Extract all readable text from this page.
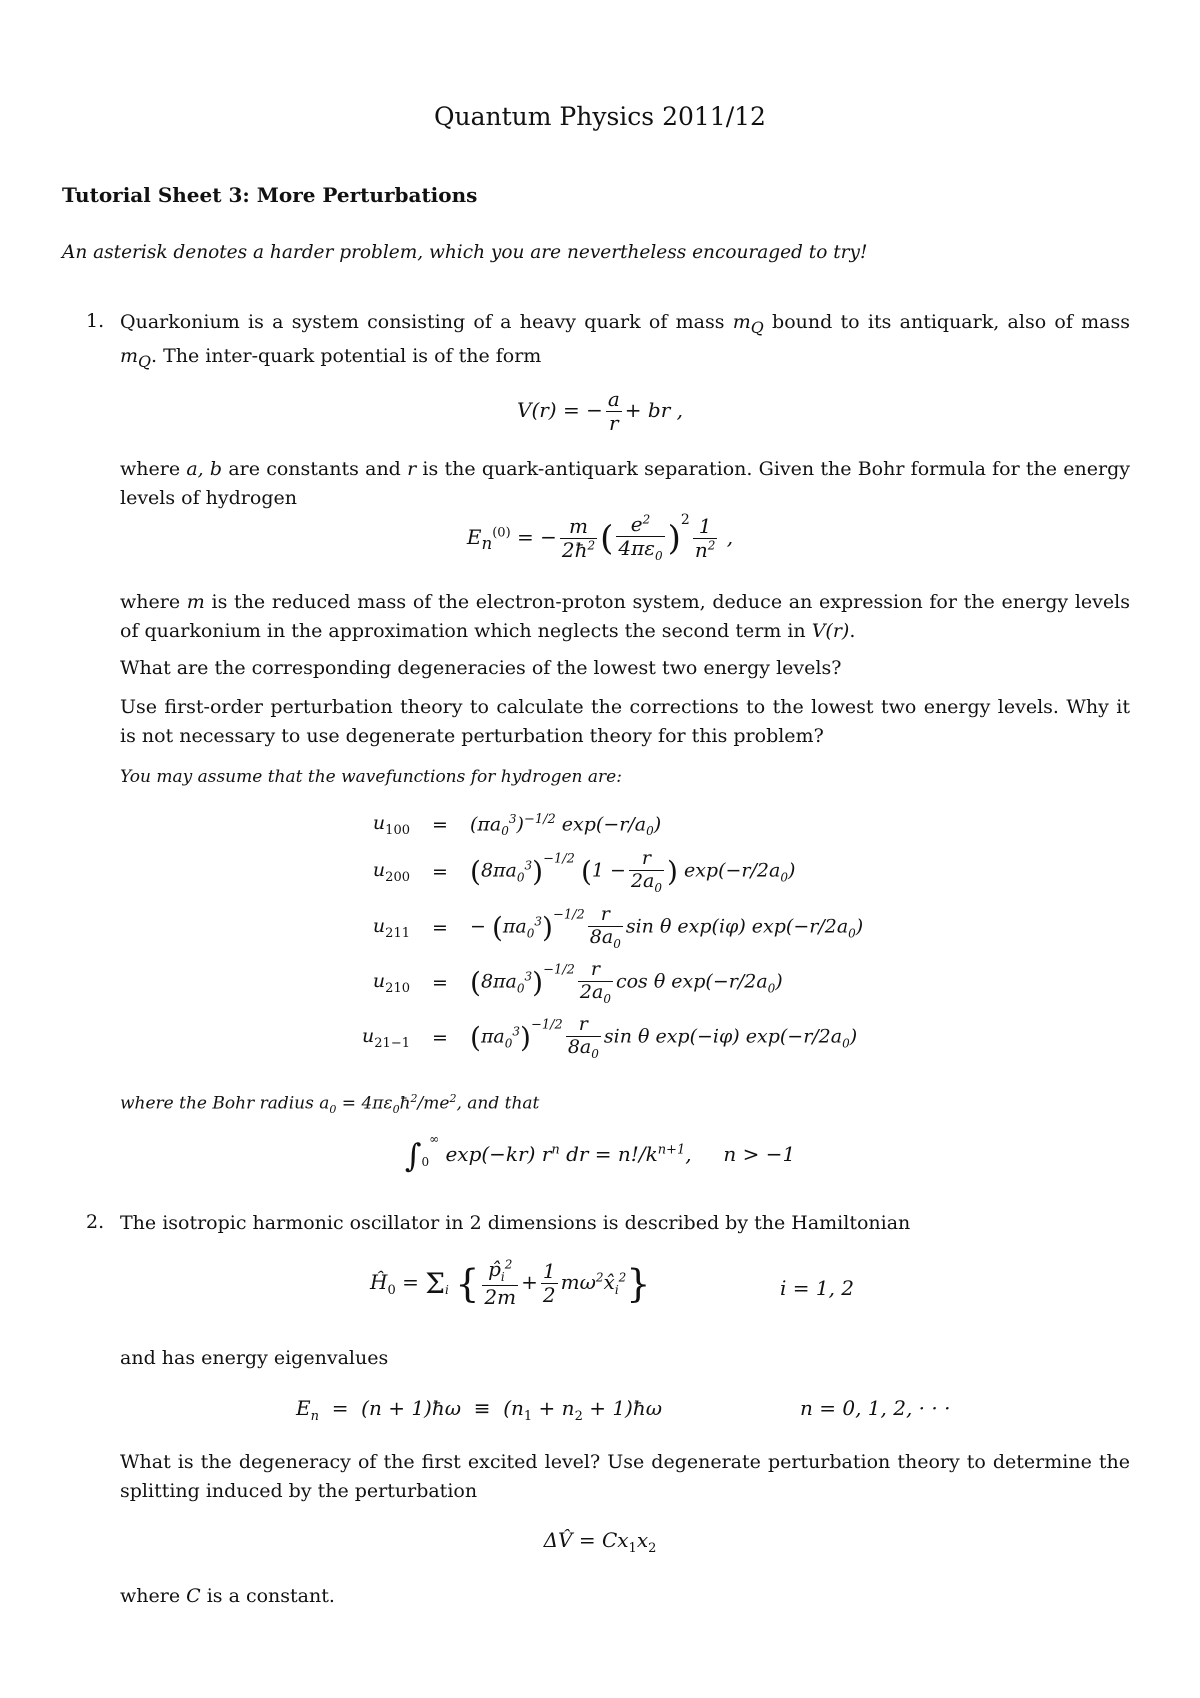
Quantum Physics 2011/12
Tutorial Sheet 3: More Perturbations
An asterisk denotes a harder problem, which you are nevertheless encouraged to try!
1. Quarkonium is a system consisting of a heavy quark of mass $m_Q$ bound to its antiquark, also of mass $m_Q$. The inter-quark potential is of the form
V(r) = − $\frac{a}{r}$ + br ,
where a, b are constants and r is the quark-antiquark separation. Given the Bohr formula for the energy levels of hydrogen
$E_n^{(0)}$ = − $\frac{m}{2ħ^2}$ ( $\frac{e^2}{4\pi\varepsilon_0} )^2 \frac{1}{n^2}$ ,
where m is the reduced mass of the electron-proton system, deduce an expression for the energy levels of quarkonium in the approximation which neglects the second term in V(r).
What are the corresponding degeneracies of the lowest two energy levels?
Use first-order perturbation theory to calculate the corrections to the lowest two energy levels. Why it is not necessary to use degenerate perturbation theory for this problem?
You may assume that the wavefunctions for hydrogen are:
$u_{100}$	=	$(\pi a_0^3)^{-1/2}$ $\exp(-r/a_0)$
$u_{200}$	= $(8\pi a_0^3)^{-1/2}$ ($1 - \frac{r}{2a_0}$ ) $\exp(-r/2a_0)$
$u_{211}$	=	− $(\pi a_0^3)^{-1/2} \frac{r}{8a_0}$ sin θ exp(iφ) $\exp(-r/2a_0)$
$u_{210}$	= $(8\pi a_0^3)^{-1/2} \frac{r}{2a_0}$ cos θ $\exp(-r/2a_0)$
$u_{21-1}$	= $(\pi a_0^3)^{-1/2} \frac{r}{8a_0}$ sin θ exp(−iφ) $\exp(-r/2a_0)$
where the Bohr radius $a_0$ = $4\pi\varepsilon_0ħ^2/me^2$, and that
$\int_0^\infty$ exp(−kr) $r^n$ dr = $n!/k^{n+1}$,     n > −1
2. The isotropic harmonic oscillator in 2 dimensions is described by the Hamiltonian
$Ĥ_0 = \Sigma_i$ { $\frac{p̂_i^2}{2m} + \frac{1}{2}$ $m\omega^2x̂_i^2$}	i = 1, 2
and has energy eigenvalues
$E_n = (n$ + 1)ħω  ≡  ($n_1 + n_2$ + 1)ħω	n = 0, 1, 2, · · ·
What is the degeneracy of the first excited level? Use degenerate perturbation theory to determine the splitting induced by the perturbation
ΔV̂ = $Cx_1x_2$
where C is a constant.
